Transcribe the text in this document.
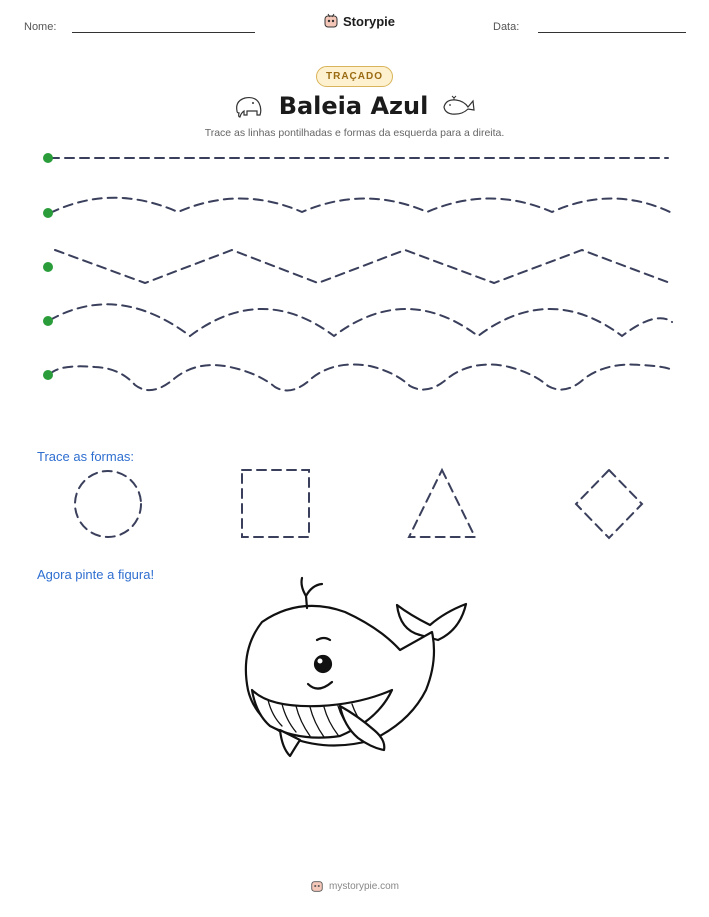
Nome:	Storypie	Data:
TRAÇADO
Baleia Azul
Trace as linhas pontilhadas e formas da esquerda para a direita.
Trace as formas:
Agora pinte a figura!
mystorypie.com
